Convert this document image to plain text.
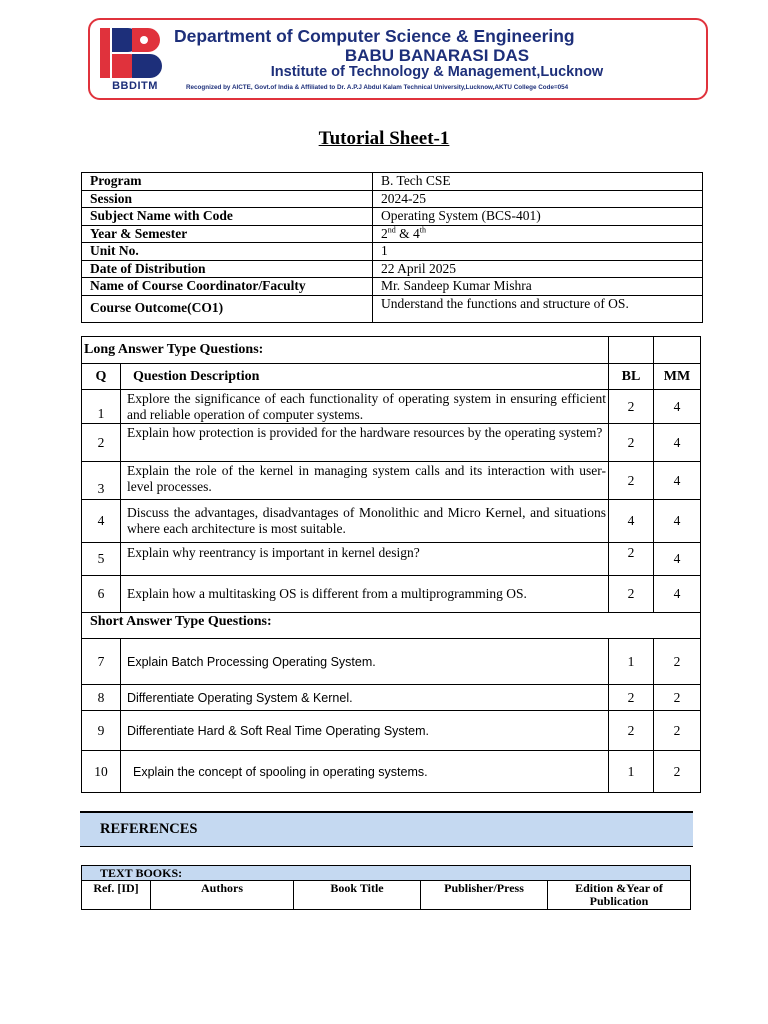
BBDITM
Department of Computer Science & Engineering
BABU BANARASI DAS
Institute of Technology & Management,Lucknow
Recognized by AICTE, Govt.of India & Affiliated to Dr. A.P.J Abdul Kalam Technical University,Lucknow,AKTU College Code=054
Tutorial Sheet-1
Program	B. Tech CSE
Session	2024-25
Subject Name with Code	Operating System (BCS-401)
Year & Semester	2nd & 4th
Unit No.	1
Date of Distribution	22 April 2025
Name of Course Coordinator/Faculty	Mr. Sandeep Kumar Mishra
Course Outcome(CO1)	Understand the functions and structure of OS.
Long Answer Type Questions:			
Q	Question Description	BL	MM
1	Explore the significance of each functionality of operating system in ensuring efficient and reliable operation of computer systems.	2	4
2	Explain how protection is provided for the hardware resources by the operating system?	2	4
3	Explain the role of the kernel in managing system calls and its interaction with user-level processes.	2	4
4	Discuss the advantages, disadvantages of Monolithic and Micro Kernel, and situations where each architecture is most suitable.	4	4
5	Explain why reentrancy is important in kernel design?	2	4
6	Explain how a multitasking OS is different from a multiprogramming OS.	2	4
Short Answer Type Questions:			
7	Explain Batch Processing Operating System.	1	2
8	Differentiate Operating System & Kernel.	2	2
9	Differentiate Hard & Soft Real Time Operating System.	2	2
10	Explain the concept of spooling in operating systems.	1	2
REFERENCES
TEXT BOOKS:
Ref. [ID]	Authors	Book Title	Publisher/Press	Edition &Year of Publication
